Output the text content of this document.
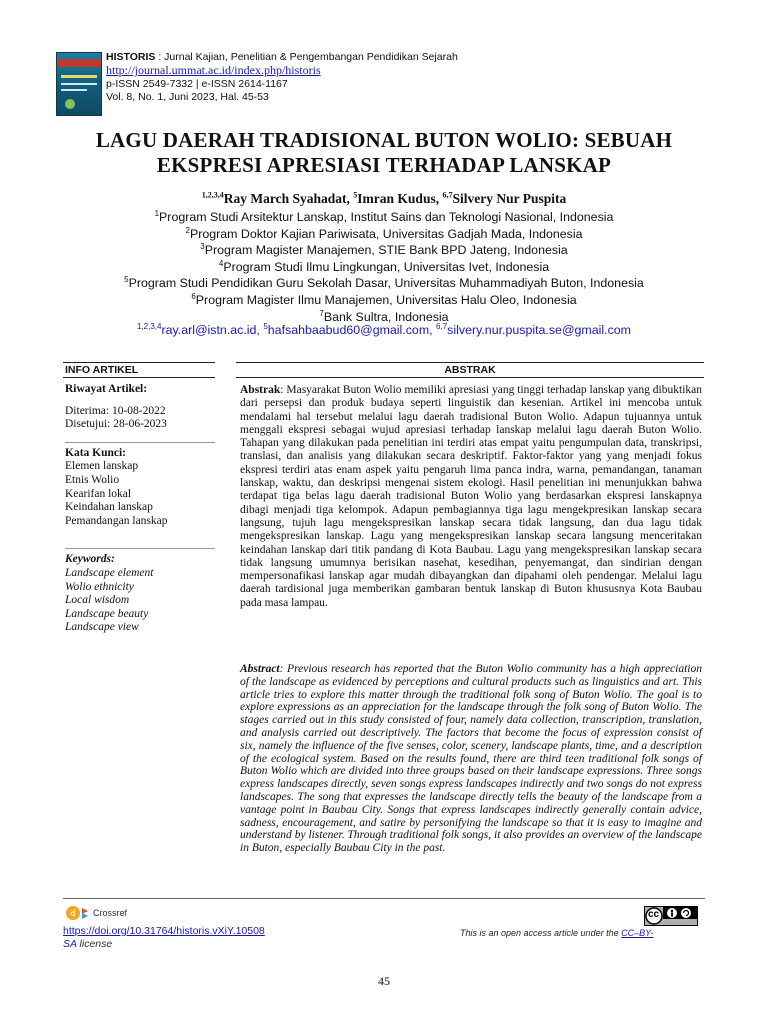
HISTORIS : Jurnal Kajian, Penelitian & Pengembangan Pendidikan Sejarah
http://journal.ummat.ac.id/index.php/historis
p-ISSN 2549-7332 | e-ISSN 2614-1167
Vol. 8, No. 1, Juni 2023, Hal. 45-53
LAGU DAERAH TRADISIONAL BUTON WOLIO: SEBUAH
EKSPRESI APRESIASI TERHADAP LANSKAP
$^{1,2,3,4}$Ray March Syahadat, $^5$Imran Kudus, $^{6,7}$Silvery Nur Puspita
$^1$Program Studi Arsitektur Lanskap, Institut Sains dan Teknologi Nasional, Indonesia
$^2$Program Doktor Kajian Pariwisata, Universitas Gadjah Mada, Indonesia
$^3$Program Magister Manajemen, STIE Bank BPD Jateng, Indonesia
$^4$Program Studi Ilmu Lingkungan, Universitas Ivet, Indonesia
$^5$Program Studi Pendidikan Guru Sekolah Dasar, Universitas Muhammadiyah Buton, Indonesia
$^6$Program Magister Ilmu Manajemen, Universitas Halu Oleo, Indonesia
$^7$Bank Sultra, Indonesia
$^{1,2,3,4}$ray.arl@istn.ac.id, $^5$hafsahbaabud60@gmail.com, $^{6,7}$silvery.nur.puspita.se@gmail.com
INFO ARTIKEL	ABSTRAK
Riwayat Artikel:
Diterima: 10-08-2022
Disetujui: 28-06-2023
Kata Kunci:
Elemen lanskap
Etnis Wolio
Kearifan lokal
Keindahan lanskap
Pemandangan lanskap
Keywords:
Landscape element
Wolio ethnicity
Local wisdom
Landscape beauty
Landscape view
Abstrak: Masyarakat Buton Wolio memiliki apresiasi yang tinggi terhadap lanskap yang dibuktikan dari persepsi dan produk budaya seperti linguistik dan kesenian. Artikel ini mencoba untuk mendalami hal tersebut melalui lagu daerah tradisional Buton Wolio. Adapun tujuannya untuk menggali ekspresi sebagai wujud apresiasi terhadap lanskap melalui lagu daerah Buton Wolio. Tahapan yang dilakukan pada penelitian ini terdiri atas empat yaitu pengumpulan data, transkripsi, translasi, dan analisis yang dilakukan secara deskriptif. Faktor-faktor yang yang menjadi fokus ekspresi terdiri atas enam aspek yaitu pengaruh lima panca indra, warna, pemandangan, tanaman lanskap, waktu, dan deskripsi mengenai sistem ekologi. Hasil penelitian ini menunjukkan bahwa terdapat tiga belas lagu daerah tradisional Buton Wolio yang berdasarkan ekspresi lanskapnya dibagi menjadi tiga kelompok. Adapun pembagiannya tiga lagu mengekpresikan lanskap secara langsung, tujuh lagu mengekspresikan lanskap secara tidak langsung, dan dua lagu tidak mengekspresikan lanskap. Lagu yang mengekspresikan lanskap secara langsung menceritakan keindahan lanskap dari titik pandang di Kota Baubau. Lagu yang mengekspresikan lanskap secara tidak langsung umumnya berisikan nasehat, kesedihan, penyemangat, dan sindirian dengan mempersonafikasi lanskap agar mudah dibayangkan dan dipahami oleh pendengar. Melalui lagu daerah tardisional juga memberikan gambaran bentuk lanskap di Buton khususnya Kota Baubau pada masa lampau.
Abstract: Previous research has reported that the Buton Wolio community has a high appreciation of the landscape as evidenced by perceptions and cultural products such as linguistics and art. This article tries to explore this matter through the traditional folk song of Buton Wolio. The goal is to explore expressions as an appreciation for the landscape through the folk song of Buton Wolio. The stages carried out in this study consisted of four, namely data collection, transcription, translation, and analysis carried out descriptively. The factors that become the focus of expression consist of six, namely the influence of the five senses, color, scenery, landscape plants, time, and a description of the ecological system. Based on the results found, there are third teen traditional folk songs of Buton Wolio which are divided into three groups based on their landscape expressions. Three songs express landscapes directly, seven songs express landscapes indirectly and two songs do not express landscapes. The song that expresses the landscape directly tells the beauty of the landscape from a vantage point in Baubau City. Songs that express landscapes indirectly generally contain advice, sadness, encouragement, and satire by personifying the landscape so that it is easy to imagine and understand by listener. Through traditional folk songs, it also provides an overview of the landscape in Buton, especially Baubau City in the past.
d Crossref
https://doi.org/10.31764/historis.vXiY.10508
SA license
This is an open access article under the CC–BY-
cc
45
